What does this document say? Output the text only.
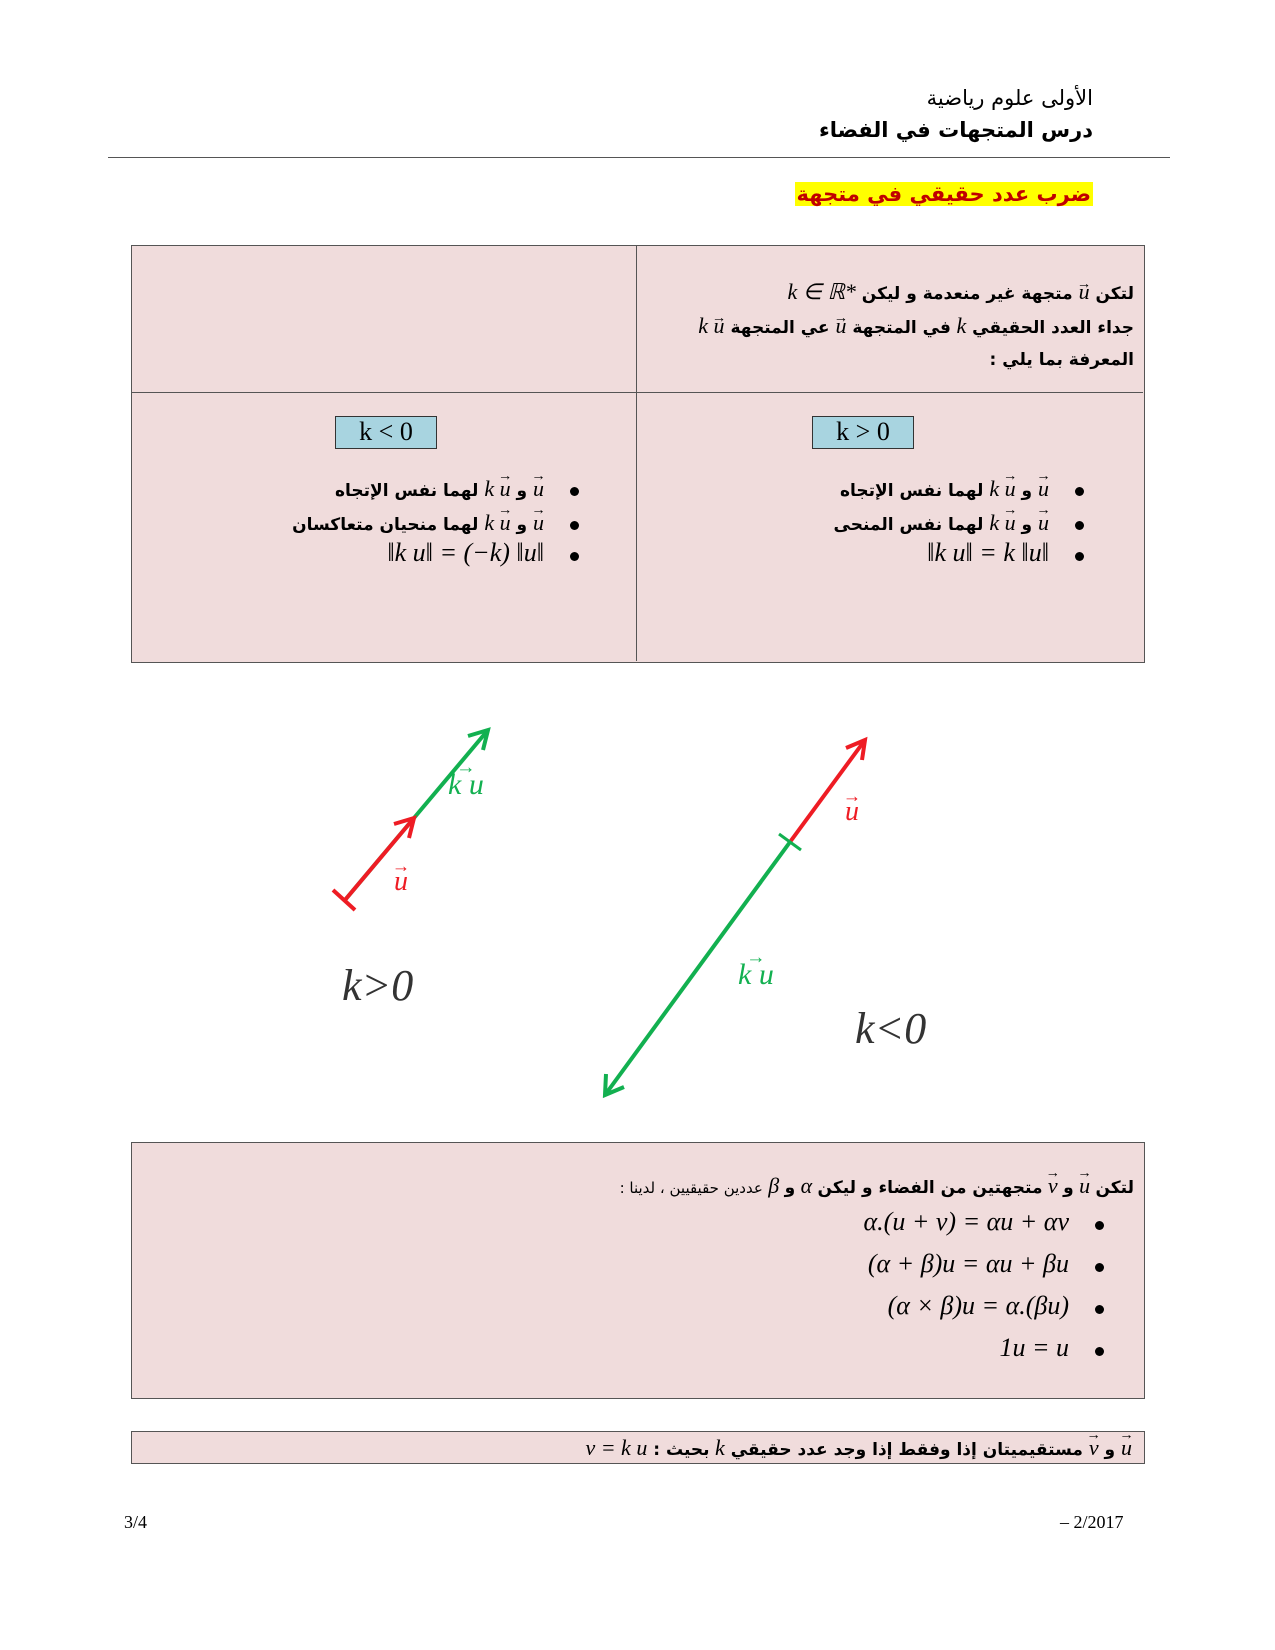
الأولى علوم رياضية
درس المتجهات في الفضاء
ضرب عدد حقيقي في متجهة
لتكن u → متجهة غير منعدمة و ليكن k ∈ ℝ*
جداء العدد الحقيقي k في المتجهة u → عي المتجهة k u →
المعرفة بما يلي :
k > 0
u → و k u → لهما نفس الإتجاه
u → و k u → لهما نفس المنحى
‖k u‖ = k ‖u‖
k < 0
u → و k u → لهما نفس الإتجاه
u → و k u → لهما منحيان متعاكسان
‖k u‖ = (−k) ‖u‖
k u →
u →
u →
k u →
k>0
k<0
لتكن u → و v → متجهتين من الفضاء و ليكن α و β عددين حقيقيين ، لدينا :
α.(u + v) = αu + αv
(α + β)u = αu + βu
(α × β)u = α.(βu)
1u = u
u → و v → مستقيميتان إذا وفقط إذا وجد عدد حقيقي k بحيث : v = k u
3/4	– 2/2017
